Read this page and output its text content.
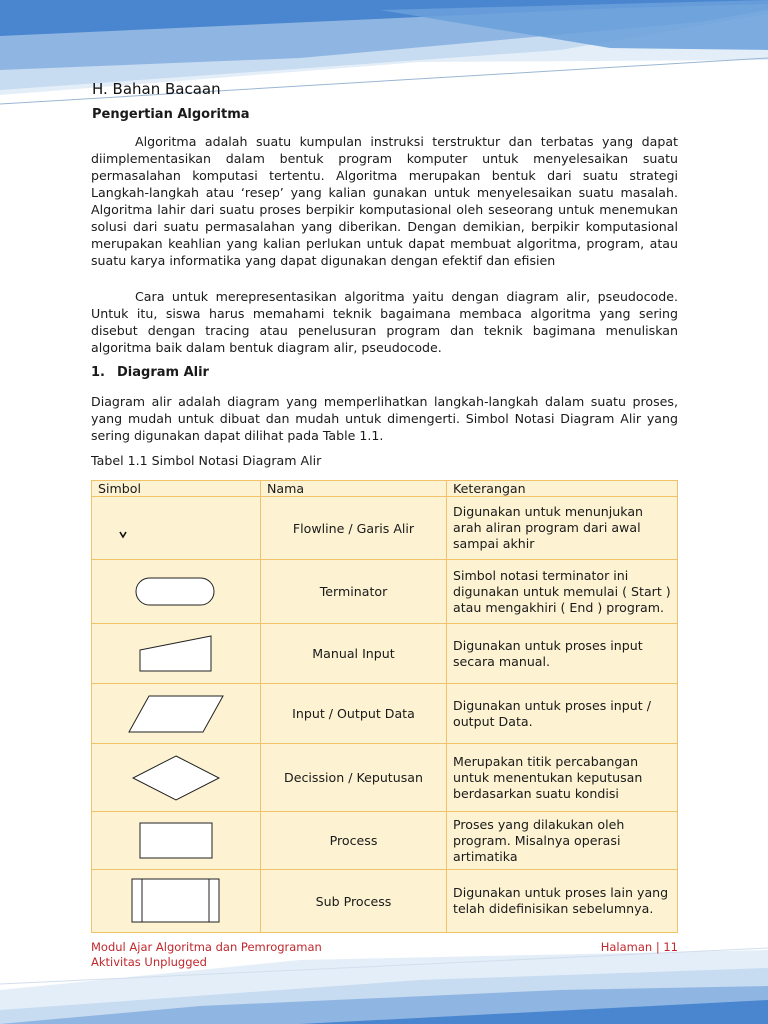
H. Bahan Bacaan
Pengertian Algoritma

Algoritma adalah suatu kumpulan instruksi terstruktur dan terbatas yang dapat diimplementasikan dalam bentuk program komputer untuk menyelesaikan suatu permasalahan komputasi tertentu. Algoritma merupakan bentuk dari suatu strategi Langkah-langkah atau ‘resep’ yang kalian gunakan untuk menyelesaikan suatu masalah. Algoritma lahir dari suatu proses berpikir komputasional oleh seseorang untuk menemukan solusi dari suatu permasalahan yang diberikan. Dengan demikian, berpikir komputasional merupakan keahlian yang kalian perlukan untuk dapat membuat algoritma, program, atau suatu karya informatika yang dapat digunakan dengan efektif dan efisien

Cara untuk merepresentasikan algoritma yaitu dengan diagram alir, pseudocode. Untuk itu, siswa harus memahami teknik bagaimana membaca algoritma yang sering disebut dengan tracing atau penelusuran program dan teknik bagimana menuliskan algoritma baik dalam bentuk diagram alir, pseudocode.

1. Diagram Alir

Diagram alir adalah diagram yang memperlihatkan langkah-langkah dalam suatu proses, yang mudah untuk dibuat dan mudah untuk dimengerti. Simbol Notasi Diagram Alir yang sering digunakan dapat dilihat pada Table 1.1.

Tabel 1.1 Simbol Notasi Diagram Alir
Simbol	Nama	Keterangan

	Flowline / Garis Alir	Digunakan untuk menunjukan arah aliran program dari awal sampai akhir

	Terminator	Simbol notasi terminator ini digunakan untuk memulai ( Start ) atau mengakhiri ( End ) program.

	Manual Input	Digunakan untuk proses input secara manual.

	Input / Output Data	Digunakan untuk proses input / output Data.

	Decission / Keputusan	Merupakan titik percabangan untuk menentukan keputusan berdasarkan suatu kondisi

	Process	Proses yang dilakukan oleh program. Misalnya operasi artimatika

	Sub Process	Digunakan untuk proses lain yang telah didefinisikan sebelumnya.
Modul Ajar Algoritma dan Pemrograman
Aktivitas Unplugged
Halaman | 11
